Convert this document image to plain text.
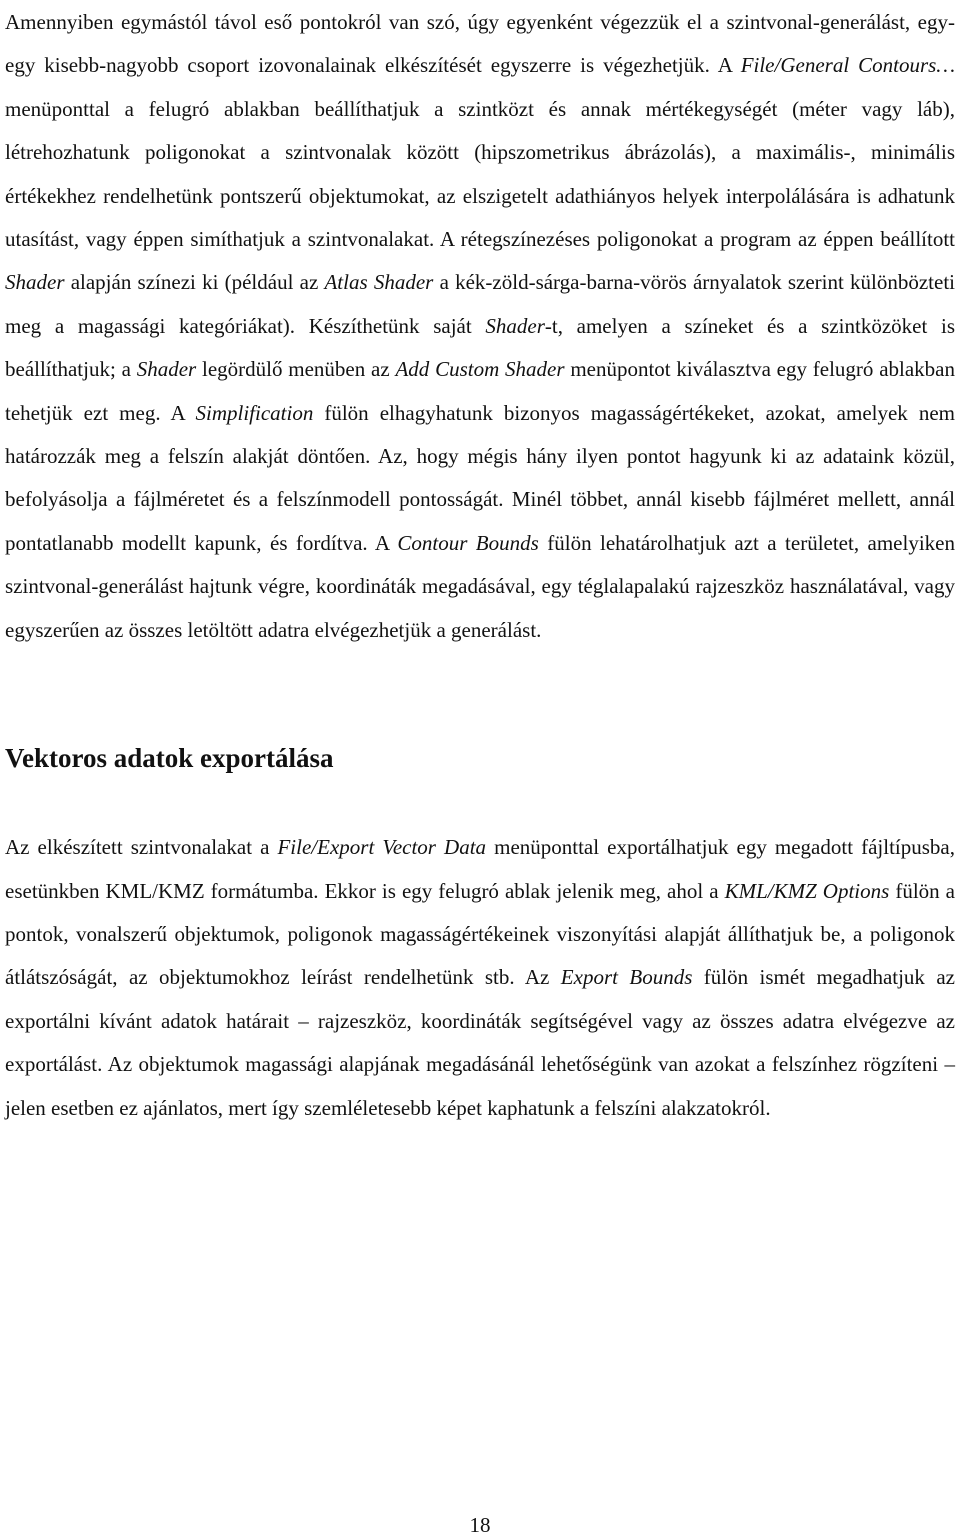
Amennyiben egymástól távol eső pontokról van szó, úgy egyenként végezzük el a szintvonal-generálást, egy-egy kisebb-nagyobb csoport izovonalainak elkészítését egyszerre is végezhetjük. A File/General Contours… menüponttal a felugró ablakban beállíthatjuk a szintközt és annak mértékegységét (méter vagy láb), létrehozhatunk poligonokat a szintvonalak között (hipszometrikus ábrázolás), a maximális-, minimális értékekhez rendelhetünk pontszerű objektumokat, az elszigetelt adathiányos helyek interpolálására is adhatunk utasítást, vagy éppen simíthatjuk a szintvonalakat. A rétegszínezéses poligonokat a program az éppen beállított Shader alapján színezi ki (például az Atlas Shader a kék-zöld-sárga-barna-vörös árnyalatok szerint különbözteti meg a magassági kategóriákat). Készíthetünk saját Shader-t, amelyen a színeket és a szintközöket is beállíthatjuk; a Shader legördülő menüben az Add Custom Shader menüpontot kiválasztva egy felugró ablakban tehetjük ezt meg. A Simplification fülön elhagyhatunk bizonyos magasságértékeket, azokat, amelyek nem határozzák meg a felszín alakját döntően. Az, hogy mégis hány ilyen pontot hagyunk ki az adataink közül, befolyásolja a fájlméretet és a felszínmodell pontosságát. Minél többet, annál kisebb fájlméret mellett, annál pontatlanabb modellt kapunk, és fordítva. A Contour Bounds fülön lehatárolhatjuk azt a területet, amelyiken szintvonal-generálást hajtunk végre, koordináták megadásával, egy téglalapalakú rajzeszköz használatával, vagy egyszerűen az összes letöltött adatra elvégezhetjük a generálást.

Vektoros adatok exportálása

Az elkészített szintvonalakat a File/Export Vector Data menüponttal exportálhatjuk egy megadott fájltípusba, esetünkben KML/KMZ formátumba. Ekkor is egy felugró ablak jelenik meg, ahol a KML/KMZ Options fülön a pontok, vonalszerű objektumok, poligonok magasságértékeinek viszonyítási alapját állíthatjuk be, a poligonok átlátszóságát, az objektumokhoz leírást rendelhetünk stb. Az Export Bounds fülön ismét megadhatjuk az exportálni kívánt adatok határait – rajzeszköz, koordináták segítségével vagy az összes adatra elvégezve az exportálást. Az objektumok magassági alapjának megadásánál lehetőségünk van azokat a felszínhez rögzíteni – jelen esetben ez ajánlatos, mert így szemléletesebb képet kaphatunk a felszíni alakzatokról.

18
